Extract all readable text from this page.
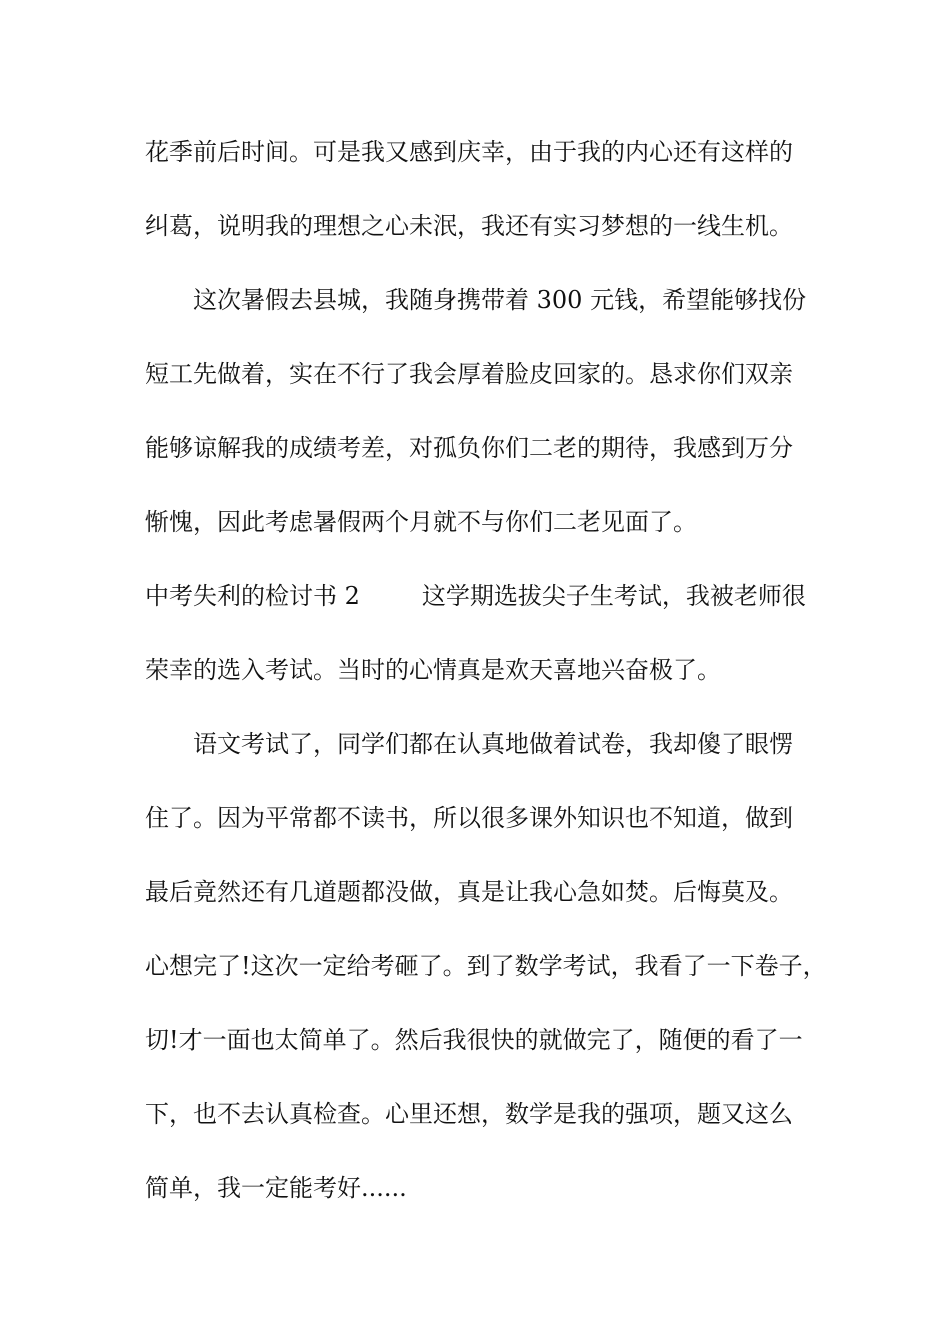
花季前后时间。可是我又感到庆幸，由于我的内心还有这样的
纠葛，说明我的理想之心未泯，我还有实习梦想的一线生机。
这次暑假去县城，我随身携带着 300 元钱，希望能够找份
短工先做着，实在不行了我会厚着脸皮回家的。恳求你们双亲
能够谅解我的成绩考差，对孤负你们二老的期待，我感到万分
惭愧，因此考虑暑假两个月就不与你们二老见面了。
中考失利的检讨书 2	这学期选拔尖子生考试，我被老师很
荣幸的选入考试。当时的心情真是欢天喜地兴奋极了。
语文考试了，同学们都在认真地做着试卷，我却傻了眼愣
住了。因为平常都不读书，所以很多课外知识也不知道，做到
最后竟然还有几道题都没做，真是让我心急如焚。后悔莫及。
心想完了!这次一定给考砸了。到了数学考试，我看了一下卷子，
切!才一面也太简单了。然后我很快的就做完了，随便的看了一
下，也不去认真检查。心里还想，数学是我的强项，题又这么
简单，我一定能考好......
